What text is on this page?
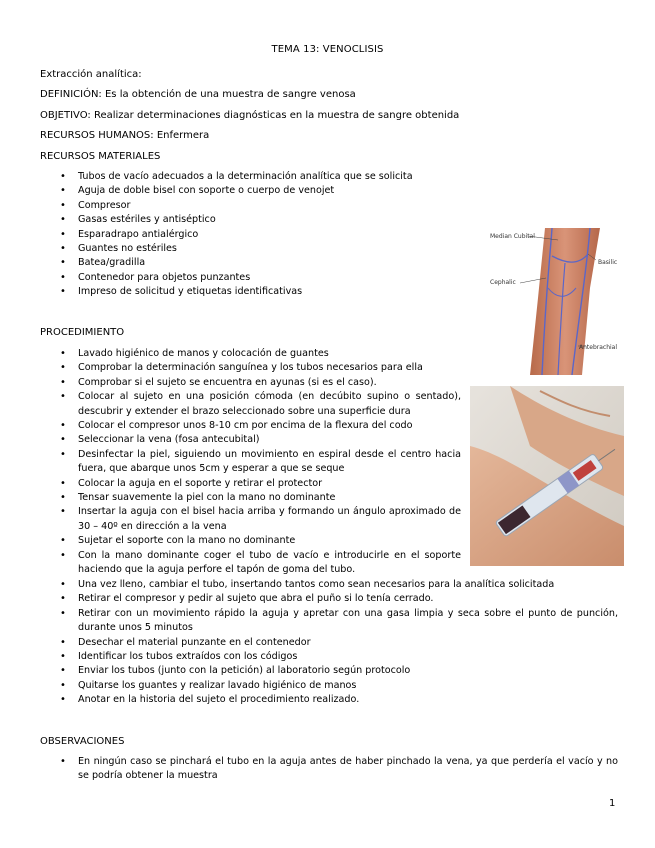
TEMA 13: VENOCLISIS
Extracción analítica:
DEFINICIÓN: Es la obtención de una muestra de sangre venosa
OBJETIVO: Realizar determinaciones diagnósticas en la muestra de sangre obtenida
RECURSOS HUMANOS: Enfermera
RECURSOS MATERIALES
• Tubos de vacío adecuados a la determinación analítica que se solicita
• Aguja de doble bisel con soporte o cuerpo de venojet
• Compresor
• Gasas estériles y antiséptico
• Esparadrapo antialérgico
• Guantes no estériles
• Batea/gradilla
• Contenedor para objetos punzantes
• Impreso de solicitud y etiquetas identificativas
Median Cubital
Basilic
Cephalic
Antebrachial
PROCEDIMIENTO
• Lavado higiénico de manos y colocación de guantes
• Comprobar la determinación sanguínea y los tubos necesarios para ella
• Comprobar si el sujeto se encuentra en ayunas (si es el caso).
• Colocar al sujeto en una posición cómoda (en decúbito supino o sentado), descubrir y extender el brazo seleccionado sobre una superficie dura
• Colocar el compresor unos 8-10 cm por encima de la flexura del codo
• Seleccionar la vena (fosa antecubital)
• Desinfectar la piel, siguiendo un movimiento en espiral desde el centro hacia fuera, que abarque unos 5cm y esperar a que se seque
• Colocar la aguja en el soporte y retirar el protector
• Tensar suavemente la piel con la mano no dominante
• Insertar la aguja con el bisel hacia arriba y formando un ángulo aproximado de 30 – 40º en dirección a la vena
• Sujetar el soporte con la mano no dominante
• Con la mano dominante coger el tubo de vacío e introducirle en el soporte haciendo que la aguja perfore el tapón de goma del tubo.
• Una vez lleno, cambiar el tubo, insertando tantos como sean necesarios para la analítica solicitada
• Retirar el compresor y pedir al sujeto que abra el puño si lo tenía cerrado.
• Retirar con un movimiento rápido la aguja y apretar con una gasa limpia y seca sobre el punto de punción, durante unos 5 minutos
• Desechar el material punzante en el contenedor
• Identificar los tubos extraídos con los códigos
• Enviar los tubos (junto con la petición) al laboratorio según protocolo
• Quitarse los guantes y realizar lavado higiénico de manos
• Anotar en la historia del sujeto el procedimiento realizado.
OBSERVACIONES
• En ningún caso se pinchará el tubo en la aguja antes de haber pinchado la vena, ya que perdería el vacío y no se podría obtener la muestra
1
